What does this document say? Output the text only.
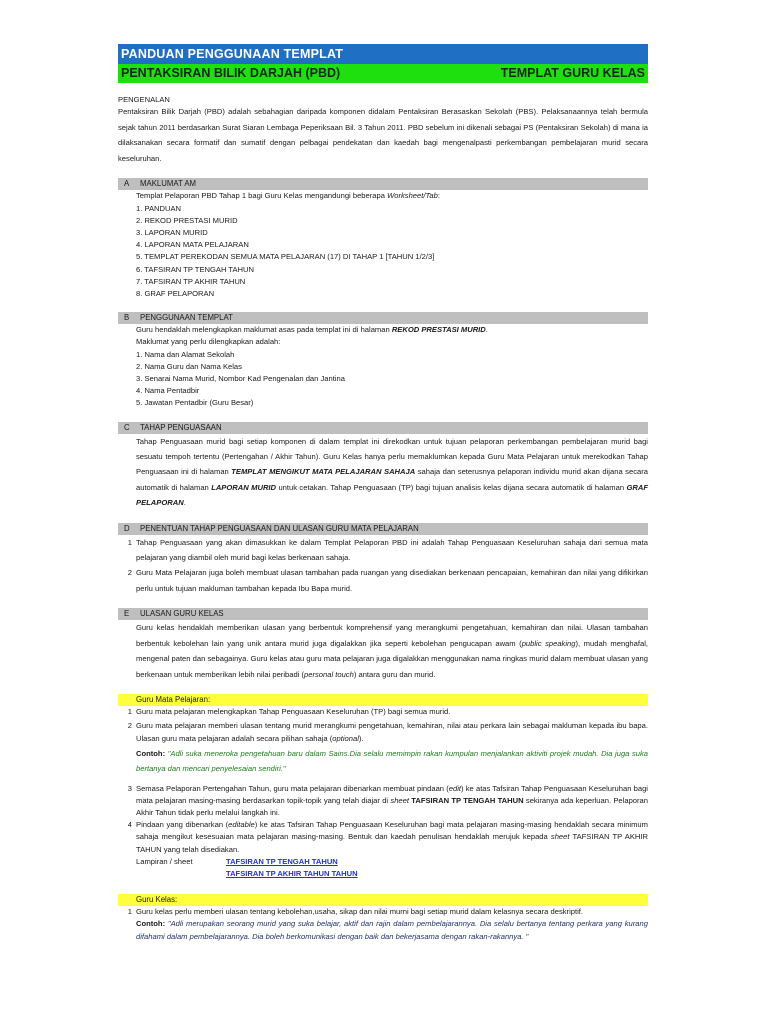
PANDUAN PENGGUNAAN TEMPLAT
PENTAKSIRAN BILIK DARJAH (PBD)	TEMPLAT GURU KELAS
PENGENALAN
Pentaksiran Bilik Darjah (PBD) adalah sebahagian daripada komponen didalam Pentaksiran Berasaskan Sekolah (PBS). Pelaksanaannya telah bermula sejak tahun 2011 berdasarkan Surat Siaran Lembaga Peperiksaan Bil. 3 Tahun 2011. PBD sebelum ini dikenali sebagai PS (Pentaksiran Sekolah) di mana ia dilaksanakan secara formatif dan sumatif dengan pelbagai pendekatan dan kaedah bagi mengenalpasti perkembangan pembelajaran murid secara keseluruhan.
A	MAKLUMAT AM
Templat Pelaporan PBD Tahap 1 bagi Guru Kelas mengandungi beberapa Worksheet/Tab:
1. PANDUAN
2. REKOD PRESTASI MURID
3. LAPORAN MURID
4. LAPORAN MATA PELAJARAN
5. TEMPLAT PEREKODAN SEMUA MATA PELAJARAN (17) DI TAHAP 1 [TAHUN 1/2/3]
6. TAFSIRAN TP TENGAH TAHUN
7. TAFSIRAN TP AKHIR TAHUN
8. GRAF PELAPORAN
B	PENGGUNAAN TEMPLAT
Guru hendaklah melengkapkan maklumat asas pada templat ini di halaman REKOD PRESTASI MURID.
Maklumat yang perlu dilengkapkan adalah:
1. Nama dan Alamat Sekolah
2. Nama Guru dan Nama Kelas
3. Senarai Nama Murid, Nombor Kad Pengenalan dan Jantina
4. Nama Pentadbir
5. Jawatan Pentadbir (Guru Besar)
C	TAHAP PENGUASAAN
Tahap Penguasaan murid bagi setiap komponen di dalam templat ini direkodkan untuk tujuan pelaporan perkembangan pembelajaran murid bagi sesuatu tempoh tertentu (Pertengahan / Akhir Tahun). Guru Kelas hanya perlu memaklumkan kepada Guru Mata Pelajaran untuk merekodkan Tahap Penguasaan ini di halaman TEMPLAT MENGIKUT MATA PELAJARAN SAHAJA sahaja dan seterusnya pelaporan individu murid akan dijana secara automatik di halaman LAPORAN MURID untuk cetakan. Tahap Penguasaan (TP) bagi tujuan analisis kelas dijana secara automatik di halaman GRAF PELAPORAN.
D	PENENTUAN TAHAP PENGUASAAN DAN ULASAN GURU MATA PELAJARAN
1 Tahap Penguasaan yang akan dimasukkan ke dalam Templat Pelaporan PBD ini adalah Tahap Penguasaan Keseluruhan sahaja dari semua mata pelajaran yang diambil oleh murid bagi kelas berkenaan sahaja.
2 Guru Mata Pelajaran juga boleh membuat ulasan tambahan pada ruangan yang disediakan berkenaan pencapaian, kemahiran dan nilai yang difikirkan perlu untuk tujuan makluman tambahan kepada Ibu Bapa murid.
E	ULASAN GURU KELAS
Guru kelas hendaklah memberikan ulasan yang berbentuk komprehensif yang merangkumi pengetahuan, kemahiran dan nilai. Ulasan tambahan berbentuk kebolehan lain yang unik antara murid juga digalakkan jika seperti kebolehan pengucapan awam (public speaking), mudah menghafal, mengenal paten dan sebagainya. Guru kelas atau guru mata pelajaran juga digalakkan menggunakan nama ringkas murid dalam membuat ulasan yang berkenaan untuk memberikan lebih nilai peribadi (personal touch) antara guru dan murid.
Guru Mata Pelajaran:
1 Guru mata pelajaran melengkapkan Tahap Penguasaan Keseluruhan (TP) bagi semua murid.
2 Guru mata pelajaran memberi ulasan tentang murid merangkumi pengetahuan, kemahiran, nilai atau perkara lain sebagai makluman kepada ibu bapa. Ulasan guru mata pelajaran adalah secara pilihan sahaja (optional).
Contoh: "Adli suka meneroka pengetahuan baru dalam Sains.Dia selalu memimpin rakan kumpulan menjalankan aktiviti projek mudah. Dia juga suka bertanya dan mencari penyelesaian sendiri."
3 Semasa Pelaporan Pertengahan Tahun, guru mata pelajaran dibenarkan membuat pindaan (edit) ke atas Tafsiran Tahap Penguasaan Keseluruhan bagi mata pelajaran masing-masing berdasarkan topik-topik yang telah diajar di sheet TAFSIRAN TP TENGAH TAHUN sekiranya ada keperluan. Pelaporan Akhir Tahun tidak perlu melalui langkah ini.
4 Pindaan yang dibenarkan (editable) ke atas Tafsiran Tahap Penguasaan Keseluruhan bagi mata pelajaran masing-masing hendaklah secara minimum sahaja mengikut kesesuaian mata pelajaran masing-masing. Bentuk dan kaedah penulisan hendaklah merujuk kepada sheet TAFSIRAN TP AKHIR TAHUN yang telah disediakan.
Lampiran / sheet	TAFSIRAN TP TENGAH TAHUN
TAFSIRAN TP AKHIR TAHUN TAHUN
Guru Kelas:
1 Guru kelas perlu memberi ulasan tentang kebolehan,usaha, sikap dan nilai murni bagi setiap murid dalam kelasnya secara deskriptif.
Contoh: "Adli merupakan seorang murid yang suka belajar, aktif dan rajin dalam pembelajarannya. Dia selalu bertanya tentang perkara yang kurang difahami dalam pembelajarannya. Dia boleh berkomunikasi dengan baik dan bekerjasama dengan rakan-rakannya. "
